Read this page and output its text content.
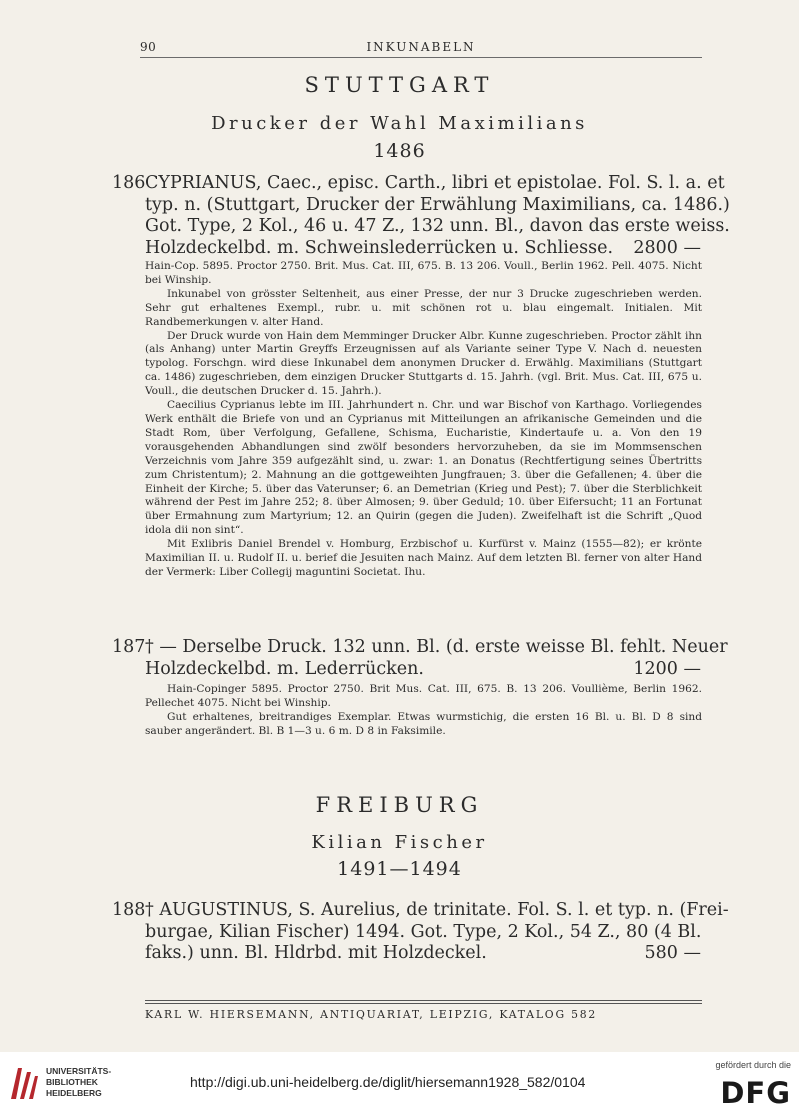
90	INKUNABELN
STUTTGART
Drucker der Wahl Maximilians
1486
186 CYPRIANUS, Caec., episc. Carth., libri et epistolae. Fol. S. l. a. et
typ. n. (Stuttgart, Drucker der Erwählung Maximilians, ca. 1486.)
Got. Type, 2 Kol., 46 u. 47 Z., 132 unn. Bl., davon das erste weiss.
Holzdeckelbd. m. Schweinslederrücken u. Schliesse. 2800 —

Hain-Cop. 5895. Proctor 2750. Brit. Mus. Cat. III, 675. B. 13 206. Voull., Berlin 1962. Pell. 4075. Nicht bei Winship.

Inkunabel von grösster Seltenheit, aus einer Presse, der nur 3 Drucke zugeschrieben werden. Sehr gut erhaltenes Exempl., rubr. u. mit schönen rot u. blau eingemalt. Initialen. Mit Randbemerkungen v. alter Hand.

Der Druck wurde von Hain dem Memminger Drucker Albr. Kunne zugeschrieben. Proctor zählt ihn (als Anhang) unter Martin Greyffs Erzeugnissen auf als Variante seiner Type V. Nach d. neuesten typolog. Forschgn. wird diese Inkunabel dem anonymen Drucker d. Erwählg. Maximilians (Stuttgart ca. 1486) zugeschrieben, dem einzigen Drucker Stuttgarts d. 15. Jahrh. (vgl. Brit. Mus. Cat. III, 675 u. Voull., die deutschen Drucker d. 15. Jahrh.).

Caecilius Cyprianus lebte im III. Jahrhundert n. Chr. und war Bischof von Karthago. Vorliegendes Werk enthält die Briefe von und an Cyprianus mit Mitteilungen an afrikanische Gemeinden und die Stadt Rom, über Verfolgung, Gefallene, Schisma, Eucharistie, Kindertaufe u. a. Von den 19 vorausgehenden Abhandlungen sind zwölf besonders hervorzuheben, da sie im Mommsenschen Verzeichnis vom Jahre 359 aufgezählt sind, u. zwar: 1. an Donatus (Rechtfertigung seines Übertritts zum Christentum); 2. Mahnung an die gottgeweihten Jungfrauen; 3. über die Gefallenen; 4. über die Einheit der Kirche; 5. über das Vaterunser; 6. an Demetrian (Krieg und Pest); 7. über die Sterblichkeit während der Pest im Jahre 252; 8. über Almosen; 9. über Geduld; 10. über Eifersucht; 11 an Fortunat über Ermahnung zum Martyrium; 12. an Quirin (gegen die Juden). Zweifelhaft ist die Schrift „Quod idola dii non sint“.

Mit Exlibris Daniel Brendel v. Homburg, Erzbischof u. Kurfürst v. Mainz (1555—82); er krönte Maximilian II. u. Rudolf II. u. berief die Jesuiten nach Mainz. Auf dem letzten Bl. ferner von alter Hand der Vermerk: Liber Collegij maguntini Societat. Ihu.

187 † — Derselbe Druck. 132 unn. Bl. (d. erste weisse Bl. fehlt. Neuer
Holzdeckelbd. m. Lederrücken.	1200 —

Hain-Copinger 5895. Proctor 2750. Brit Mus. Cat. III, 675. B. 13 206. Voullième, Berlin 1962. Pellechet 4075. Nicht bei Winship.

Gut erhaltenes, breitrandiges Exemplar. Etwas wurmstichig, die ersten 16 Bl. u. Bl. D 8 sind sauber angerändert. Bl. B 1—3 u. 6 m. D 8 in Faksimile.

FREIBURG
Kilian Fischer
1491—1494
188 † AUGUSTINUS, S. Aurelius, de trinitate. Fol. S. l. et typ. n. (Frei-
burgae, Kilian Fischer) 1494. Got. Type, 2 Kol., 54 Z., 80 (4 Bl.
faks.) unn. Bl. Hldrbd. mit Holzdeckel.	580 —
KARL W. HIERSEMANN, ANTIQUARIAT, LEIPZIG, KATALOG 582
UNIVERSITÄTS-
BIBLIOTHEK
HEIDELBERG
http://digi.ub.uni-heidelberg.de/diglit/hiersemann1928_582/0104
gefördert durch die
DFG
